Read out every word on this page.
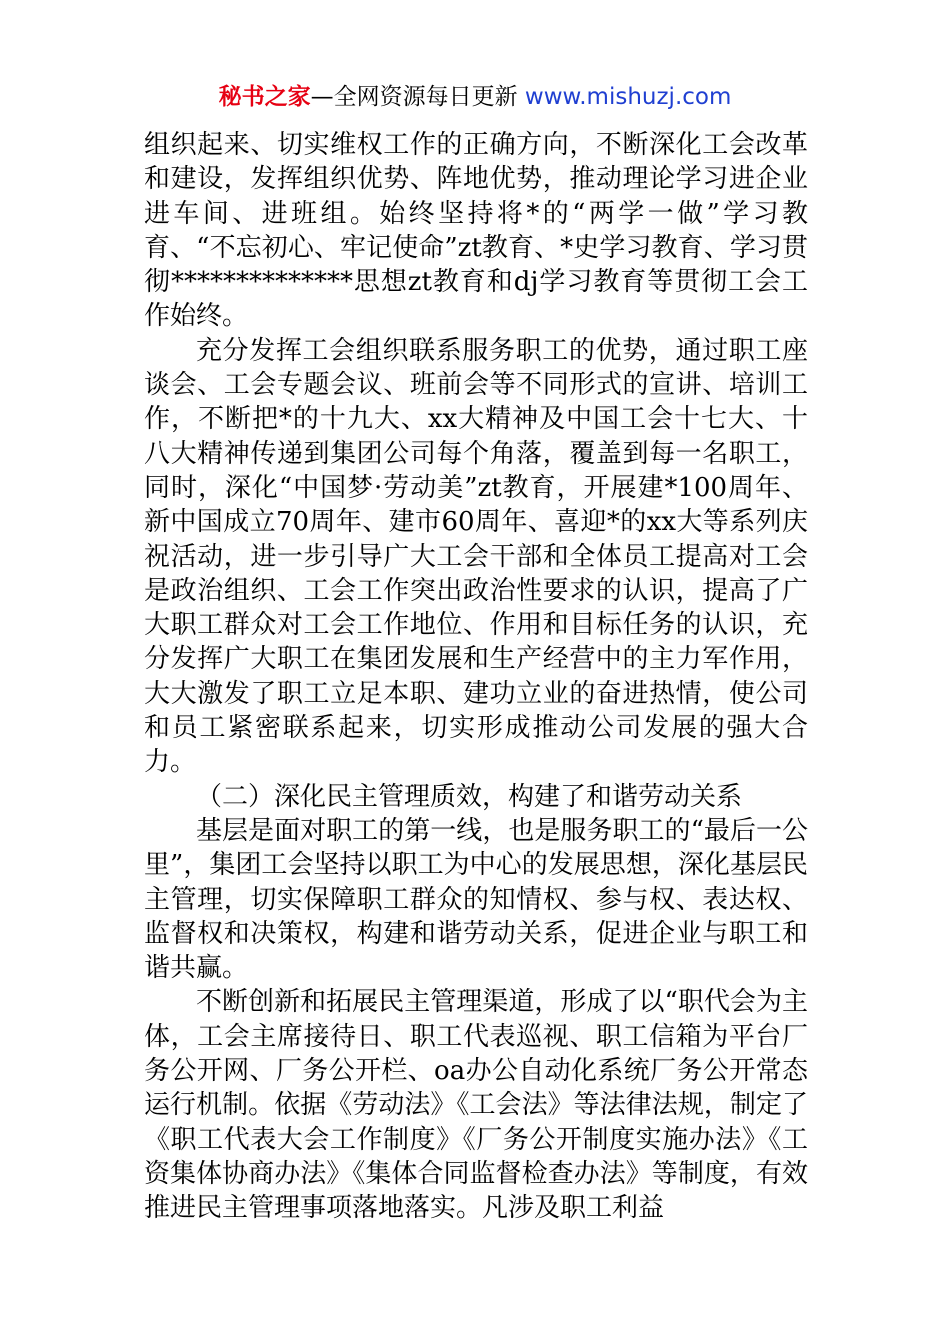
秘书之家—全网资源每日更新 www.mishuzj.com

组织起来、切实维权工作的正确方向，不断深化工会改革和建设，发挥组织优势、阵地优势，推动理论学习进企业进车间、进班组。始终坚持将*的“两学一做”学习教育、“不忘初心、牢记使命”zt教育、*史学习教育、学习贯彻**************思想zt教育和dj学习教育等贯彻工会工作始终。

充分发挥工会组织联系服务职工的优势，通过职工座谈会、工会专题会议、班前会等不同形式的宣讲、培训工作，不断把*的十九大、xx大精神及中国工会十七大、十八大精神传递到集团公司每个角落，覆盖到每一名职工，同时，深化“中国梦·劳动美”zt教育，开展建*100周年、新中国成立70周年、建市60周年、喜迎*的xx大等系列庆祝活动，进一步引导广大工会干部和全体员工提高对工会是政治组织、工会工作突出政治性要求的认识，提高了广大职工群众对工会工作地位、作用和目标任务的认识，充分发挥广大职工在集团发展和生产经营中的主力军作用，大大激发了职工立足本职、建功立业的奋进热情，使公司和员工紧密联系起来，切实形成推动公司发展的强大合力。

（二）深化民主管理质效，构建了和谐劳动关系

基层是面对职工的第一线，也是服务职工的“最后一公里”，集团工会坚持以职工为中心的发展思想，深化基层民主管理，切实保障职工群众的知情权、参与权、表达权、监督权和决策权，构建和谐劳动关系，促进企业与职工和谐共赢。

不断创新和拓展民主管理渠道，形成了以“职代会为主体，工会主席接待日、职工代表巡视、职工信箱为平台厂务公开网、厂务公开栏、oa办公自动化系统厂务公开常态运行机制。依据《劳动法》《工会法》等法律法规，制定了《职工代表大会工作制度》《厂务公开制度实施办法》《工资集体协商办法》《集体合同监督检查办法》等制度，有效推进民主管理事项落地落实。凡涉及职工利益
